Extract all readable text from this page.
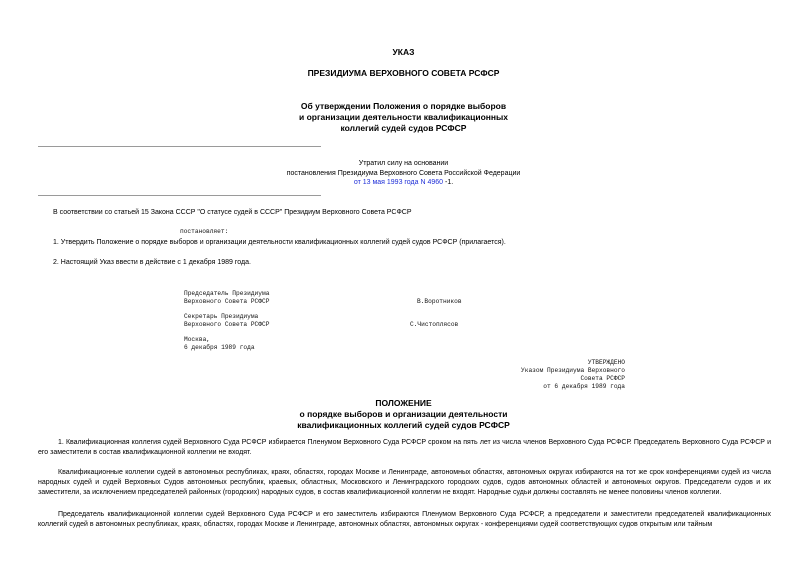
УКАЗ
ПРЕЗИДИУМА ВЕРХОВНОГО СОВЕТА РСФСР
Об утверждении Положения о порядке выборов
и организации деятельности квалификационных
коллегий судей судов РСФСР
Утратил силу на основании
постановления Президиума Верховного Совета Российской Федерации
от 13 мая 1993 года N 4960 -1.
В соответствии со статьей 15 Закона СССР "О статусе судей в СССР" Президиум Верховного Совета РСФСР
постановляет:
1. Утвердить Положение о порядке выборов и организации деятельности квалификационных коллегий судей судов РСФСР (прилагается).
2. Настоящий Указ ввести в действие с 1 декабря 1989 года.
Председатель Президиума
Верховного Совета РСФСР	В.Воротников
Секретарь Президиума
Верховного Совета РСФСР	С.Чистоплясов
Москва,
6 декабря 1989 года
УТВЕРЖДЕНО
Указом Президиума Верховного
Совета РСФСР
от 6 декабря 1989 года
ПОЛОЖЕНИЕ
о порядке выборов и организации деятельности
квалификационных коллегий судей судов РСФСР
1. Квалификационная коллегия судей Верховного Суда РСФСР избирается Пленумом Верховного Суда РСФСР сроком на пять лет из числа членов Верховного Суда РСФСР. Председатель Верховного Суда РСФСР и его заместители в состав квалификационной коллегии не входят.
Квалификационные коллегии судей в автономных республиках, краях, областях, городах Москве и Ленинграде, автономных областях, автономных округах избираются на тот же срок конференциями судей из числа народных судей и судей Верховных Судов автономных республик, краевых, областных, Московского и Ленинградского городских судов, судов автономных областей и автономных округов. Председатели судов и их заместители, за исключением председателей районных (городских) народных судов, в состав квалификационной коллегии не входят. Народные судьи должны составлять не менее половины членов коллегии.
Председатель квалификационной коллегии судей Верховного Суда РСФСР и его заместитель избираются Пленумом Верховного Суда РСФСР, а председатели и заместители председателей квалификационных коллегий судей в автономных республиках, краях, областях, городах Москве и Ленинграде, автономных областях, автономных округах - конференциями судей соответствующих судов открытым или тайным
